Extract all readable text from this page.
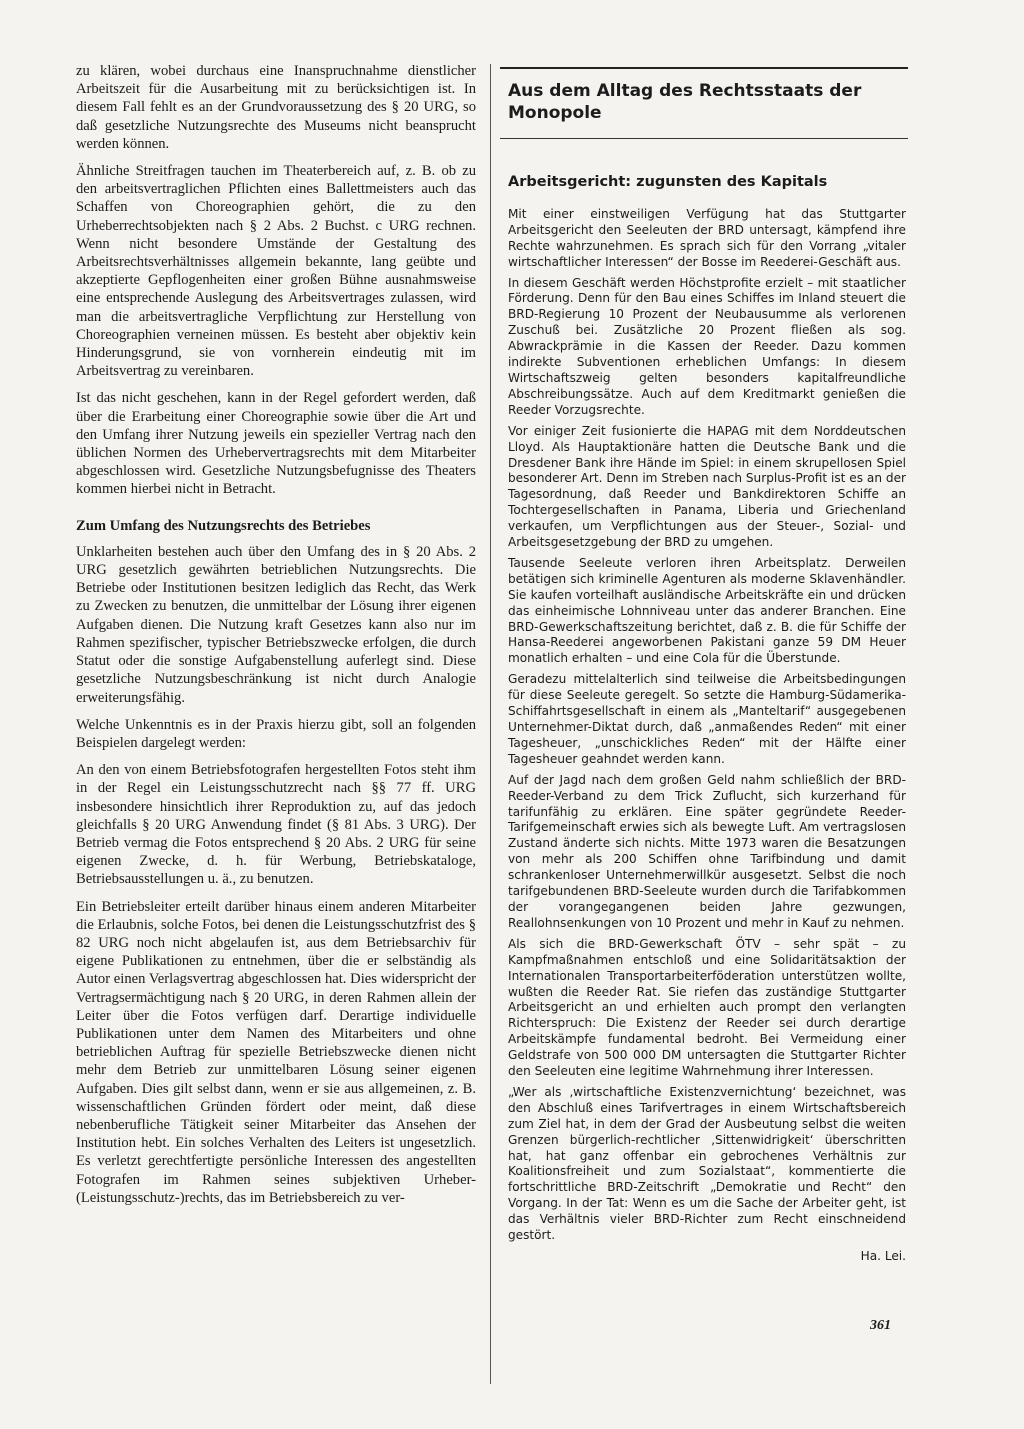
zu klären, wobei durchaus eine Inanspruchnahme dienstlicher Arbeitszeit für die Ausarbeitung mit zu berücksichtigen ist. In diesem Fall fehlt es an der Grundvoraussetzung des § 20 URG, so daß gesetzliche Nutzungsrechte des Museums nicht beansprucht werden können.

Ähnliche Streitfragen tauchen im Theaterbereich auf, z. B. ob zu den arbeitsvertraglichen Pflichten eines Ballettmeisters auch das Schaffen von Choreographien gehört, die zu den Urheberrechtsobjekten nach § 2 Abs. 2 Buchst. c URG rechnen. Wenn nicht besondere Umstände der Gestaltung des Arbeitsrechtsverhältnisses allgemein bekannte, lang geübte und akzeptierte Gepflogenheiten einer großen Bühne ausnahmsweise eine entsprechende Auslegung des Arbeitsvertrages zulassen, wird man die arbeitsvertragliche Verpflichtung zur Herstellung von Choreographien verneinen müssen. Es besteht aber objektiv kein Hinderungsgrund, sie von vornherein eindeutig mit im Arbeitsvertrag zu vereinbaren.

Ist das nicht geschehen, kann in der Regel gefordert werden, daß über die Erarbeitung einer Choreographie sowie über die Art und den Umfang ihrer Nutzung jeweils ein spezieller Vertrag nach den üblichen Normen des Urhebervertragsrechts mit dem Mitarbeiter abgeschlossen wird. Gesetzliche Nutzungsbefugnisse des Theaters kommen hierbei nicht in Betracht.

Zum Umfang des Nutzungsrechts des Betriebes

Unklarheiten bestehen auch über den Umfang des in § 20 Abs. 2 URG gesetzlich gewährten betrieblichen Nutzungsrechts. Die Betriebe oder Institutionen besitzen lediglich das Recht, das Werk zu Zwecken zu benutzen, die unmittelbar der Lösung ihrer eigenen Aufgaben dienen. Die Nutzung kraft Gesetzes kann also nur im Rahmen spezifischer, typischer Betriebszwecke erfolgen, die durch Statut oder die sonstige Aufgabenstellung auferlegt sind. Diese gesetzliche Nutzungsbeschränkung ist nicht durch Analogie erweiterungsfähig.

Welche Unkenntnis es in der Praxis hierzu gibt, soll an folgenden Beispielen dargelegt werden:

An den von einem Betriebsfotografen hergestellten Fotos steht ihm in der Regel ein Leistungsschutzrecht nach §§ 77 ff. URG insbesondere hinsichtlich ihrer Reproduktion zu, auf das jedoch gleichfalls § 20 URG Anwendung findet (§ 81 Abs. 3 URG). Der Betrieb vermag die Fotos entsprechend § 20 Abs. 2 URG für seine eigenen Zwecke, d. h. für Werbung, Betriebskataloge, Betriebsausstellungen u. ä., zu benutzen.

Ein Betriebsleiter erteilt darüber hinaus einem anderen Mitarbeiter die Erlaubnis, solche Fotos, bei denen die Leistungsschutzfrist des § 82 URG noch nicht abgelaufen ist, aus dem Betriebsarchiv für eigene Publikationen zu entnehmen, über die er selbständig als Autor einen Verlagsvertrag abgeschlossen hat. Dies widerspricht der Vertragsermächtigung nach § 20 URG, in deren Rahmen allein der Leiter über die Fotos verfügen darf. Derartige individuelle Publikationen unter dem Namen des Mitarbeiters und ohne betrieblichen Auftrag für spezielle Betriebszwecke dienen nicht mehr dem Betrieb zur unmittelbaren Lösung seiner eigenen Aufgaben. Dies gilt selbst dann, wenn er sie aus allgemeinen, z. B. wissenschaftlichen Gründen fördert oder meint, daß diese nebenberufliche Tätigkeit seiner Mitarbeiter das Ansehen der Institution hebt. Ein solches Verhalten des Leiters ist ungesetzlich. Es verletzt gerechtfertigte persönliche Interessen des angestellten Fotografen im Rahmen seines subjektiven Urheber-(Leistungsschutz-)rechts, das im Betriebsbereich zu ver-

Aus dem Alltag des Rechtsstaats der Monopole
Arbeitsgericht: zugunsten des Kapitals

Mit einer einstweiligen Verfügung hat das Stuttgarter Arbeitsgericht den Seeleuten der BRD untersagt, kämpfend ihre Rechte wahrzunehmen. Es sprach sich für den Vorrang „vitaler wirtschaftlicher Interessen“ der Bosse im Reederei-Geschäft aus.

In diesem Geschäft werden Höchstprofite erzielt – mit staatlicher Förderung. Denn für den Bau eines Schiffes im Inland steuert die BRD-Regierung 10 Prozent der Neubausumme als verlorenen Zuschuß bei. Zusätzliche 20 Prozent fließen als sog. Abwrackprämie in die Kassen der Reeder. Dazu kommen indirekte Subventionen erheblichen Umfangs: In diesem Wirtschaftszweig gelten besonders kapitalfreundliche Abschreibungssätze. Auch auf dem Kreditmarkt genießen die Reeder Vorzugsrechte.

Vor einiger Zeit fusionierte die HAPAG mit dem Norddeutschen Lloyd. Als Hauptaktionäre hatten die Deutsche Bank und die Dresdener Bank ihre Hände im Spiel: in einem skrupellosen Spiel besonderer Art. Denn im Streben nach Surplus-Profit ist es an der Tagesordnung, daß Reeder und Bankdirektoren Schiffe an Tochtergesellschaften in Panama, Liberia und Griechenland verkaufen, um Verpflichtungen aus der Steuer-, Sozial- und Arbeitsgesetzgebung der BRD zu umgehen.

Tausende Seeleute verloren ihren Arbeitsplatz. Derweilen betätigen sich kriminelle Agenturen als moderne Sklavenhändler. Sie kaufen vorteilhaft ausländische Arbeitskräfte ein und drücken das einheimische Lohnniveau unter das anderer Branchen. Eine BRD-Gewerkschaftszeitung berichtet, daß z. B. die für Schiffe der Hansa-Reederei angeworbenen Pakistani ganze 59 DM Heuer monatlich erhalten – und eine Cola für die Überstunde.

Geradezu mittelalterlich sind teilweise die Arbeitsbedingungen für diese Seeleute geregelt. So setzte die Hamburg-Südamerika-Schiffahrtsgesellschaft in einem als „Manteltarif“ ausgegebenen Unternehmer-Diktat durch, daß „anmaßendes Reden“ mit einer Tagesheuer, „unschickliches Reden“ mit der Hälfte einer Tagesheuer geahndet werden kann.

Auf der Jagd nach dem großen Geld nahm schließlich der BRD-Reeder-Verband zu dem Trick Zuflucht, sich kurzerhand für tarifunfähig zu erklären. Eine später gegründete Reeder-Tarifgemeinschaft erwies sich als bewegte Luft. Am vertragslosen Zustand änderte sich nichts. Mitte 1973 waren die Besatzungen von mehr als 200 Schiffen ohne Tarifbindung und damit schrankenloser Unternehmerwillkür ausgesetzt. Selbst die noch tarifgebundenen BRD-Seeleute wurden durch die Tarifabkommen der vorangegangenen beiden Jahre gezwungen, Reallohnsenkungen von 10 Prozent und mehr in Kauf zu nehmen.

Als sich die BRD-Gewerkschaft ÖTV – sehr spät – zu Kampfmaßnahmen entschloß und eine Solidaritätsaktion der Internationalen Transportarbeiterföderation unterstützen wollte, wußten die Reeder Rat. Sie riefen das zuständige Stuttgarter Arbeitsgericht an und erhielten auch prompt den verlangten Richterspruch: Die Existenz der Reeder sei durch derartige Arbeitskämpfe fundamental bedroht. Bei Vermeidung einer Geldstrafe von 500 000 DM untersagten die Stuttgarter Richter den Seeleuten eine legitime Wahrnehmung ihrer Interessen.

„Wer als ‚wirtschaftliche Existenzvernichtung‘ bezeichnet, was den Abschluß eines Tarifvertrages in einem Wirtschaftsbereich zum Ziel hat, in dem der Grad der Ausbeutung selbst die weiten Grenzen bürgerlich-rechtlicher ‚Sittenwidrigkeit‘ überschritten hat, hat ganz offenbar ein gebrochenes Verhältnis zur Koalitionsfreiheit und zum Sozialstaat“, kommentierte die fortschrittliche BRD-Zeitschrift „Demokratie und Recht“ den Vorgang. In der Tat: Wenn es um die Sache der Arbeiter geht, ist das Verhältnis vieler BRD-Richter zum Recht einschneidend gestört.

Ha. Lei.
361
